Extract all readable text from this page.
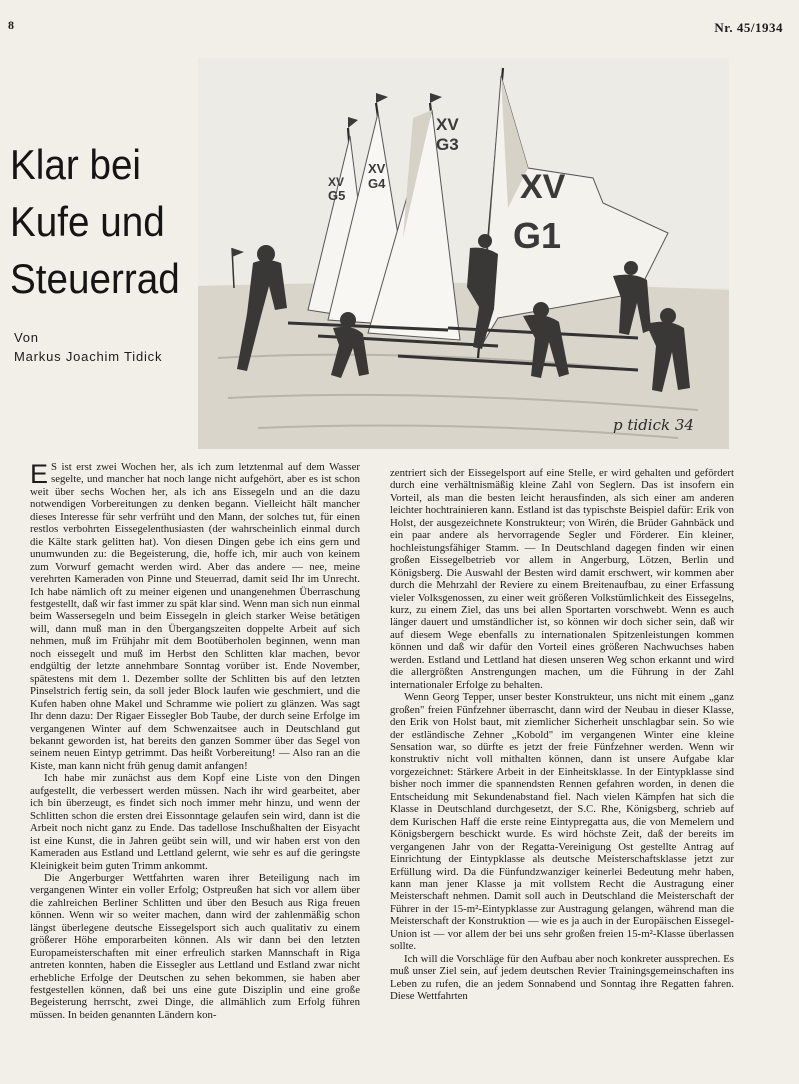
8	Nr. 45/1934
Klar bei
Kufe und
Steuerrad
Von
Markus Joachim Tidick
XV
G5
XV
G4
XV
G3
XV
G1
p tidick 34

E S ist erst zwei Wochen her, als ich zum letztenmal auf dem Wasser segelte, und mancher hat noch lange nicht aufgehört, aber es ist schon weit über sechs Wochen her, als ich ans Eissegeln und an die dazu notwendigen Vorbereitungen zu denken begann. Vielleicht hält mancher dieses Interesse für sehr verfrüht und den Mann, der solches tut, für einen restlos verbohrten Eissegelenthusiasten (der wahrscheinlich einmal durch die Kälte stark gelitten hat). Von diesen Dingen gebe ich eins gern und unumwunden zu: die Begeisterung, die, hoffe ich, mir auch von keinem zum Vorwurf gemacht werden wird. Aber das andere — nee, meine verehrten Kameraden von Pinne und Steuerrad, damit seid Ihr im Unrecht. Ich habe nämlich oft zu meiner eigenen und unangenehmen Überraschung festgestellt, daß wir fast immer zu spät klar sind. Wenn man sich nun einmal beim Wassersegeln und beim Eissegeln in gleich starker Weise betätigen will, dann muß man in den Übergangszeiten doppelte Arbeit auf sich nehmen, muß im Frühjahr mit dem Bootüberholen beginnen, wenn man noch eissegelt und muß im Herbst den Schlitten klar machen, bevor endgültig der letzte annehmbare Sonntag vorüber ist. Ende November, spätestens mit dem 1. Dezember sollte der Schlitten bis auf den letzten Pinselstrich fertig sein, da soll jeder Block laufen wie geschmiert, und die Kufen haben ohne Makel und Schramme wie poliert zu glänzen. Was sagt Ihr denn dazu: Der Rigaer Eissegler Bob Taube, der durch seine Erfolge im vergangenen Winter auf dem Schwenzaitsee auch in Deutschland gut bekannt geworden ist, hat bereits den ganzen Sommer über das Segel von seinem neuen Eintyp getrimmt. Das heißt Vorbereitung! — Also ran an die Kiste, man kann nicht früh genug damit anfangen!

Ich habe mir zunächst aus dem Kopf eine Liste von den Dingen aufgestellt, die verbessert werden müssen. Nach ihr wird gearbeitet, aber ich bin überzeugt, es findet sich noch immer mehr hinzu, und wenn der Schlitten schon die ersten drei Eissonntage gelaufen sein wird, dann ist die Arbeit noch nicht ganz zu Ende. Das tadellose Inschußhalten der Eisyacht ist eine Kunst, die in Jahren geübt sein will, und wir haben erst von den Kameraden aus Estland und Lettland gelernt, wie sehr es auf die geringste Kleinigkeit beim guten Trimm ankommt.

Die Angerburger Wettfahrten waren ihrer Beteiligung nach im vergangenen Winter ein voller Erfolg; Ostpreußen hat sich vor allem über die zahlreichen Berliner Schlitten und über den Besuch aus Riga freuen können. Wenn wir so weiter machen, dann wird der zahlenmäßig schon längst überlegene deutsche Eissegelsport sich auch qualitativ zu einem größerer Höhe emporarbeiten können. Als wir dann bei den letzten Europameisterschaften mit einer erfreulich starken Mannschaft in Riga antreten konnten, haben die Eissegler aus Lettland und Estland zwar nicht erhebliche Erfolge der Deutschen zu sehen bekommen, sie haben aber festgestellen können, daß bei uns eine gute Disziplin und eine große Begeisterung herrscht, zwei Dinge, die allmählich zum Erfolg führen müssen. In beiden genannten Ländern kon-

zentriert sich der Eissegelsport auf eine Stelle, er wird gehalten und gefördert durch eine verhältnismäßig kleine Zahl von Seglern. Das ist insofern ein Vorteil, als man die besten leicht herausfinden, als sich einer am anderen leichter hochtrainieren kann. Estland ist das typischste Beispiel dafür: Erik von Holst, der ausgezeichnete Konstrukteur; von Wirén, die Brüder Gahnbäck und ein paar andere als hervorragende Segler und Förderer. Ein kleiner, hochleistungsfähiger Stamm. — In Deutschland dagegen finden wir einen großen Eissegelbetrieb vor allem in Angerburg, Lötzen, Berlin und Königsberg. Die Auswahl der Besten wird damit erschwert, wir kommen aber durch die Mehrzahl der Reviere zu einem Breitenaufbau, zu einer Erfassung vieler Volksgenossen, zu einer weit größeren Volkstümlichkeit des Eissegelns, kurz, zu einem Ziel, das uns bei allen Sportarten vorschwebt. Wenn es auch länger dauert und umständlicher ist, so können wir doch sicher sein, daß wir auf diesem Wege ebenfalls zu internationalen Spitzenleistungen kommen können und daß wir dafür den Vorteil eines größeren Nachwuchses haben werden. Estland und Lettland hat diesen unseren Weg schon erkannt und wird die allergrößten Anstrengungen machen, um die Führung in der Zahl internationaler Erfolge zu behalten.

Wenn Georg Tepper, unser bester Konstrukteur, uns nicht mit einem „ganz großen" freien Fünfzehner überrascht, dann wird der Neubau in dieser Klasse, den Erik von Holst baut, mit ziemlicher Sicherheit unschlagbar sein. So wie der estländische Zehner „Kobold" im vergangenen Winter eine kleine Sensation war, so dürfte es jetzt der freie Fünfzehner werden. Wenn wir konstruktiv nicht voll mithalten können, dann ist unsere Aufgabe klar vorgezeichnet: Stärkere Arbeit in der Einheitsklasse. In der Eintypklasse sind bisher noch immer die spannendsten Rennen gefahren worden, in denen die Entscheidung mit Sekundenabstand fiel. Nach vielen Kämpfen hat sich die Klasse in Deutschland durchgesetzt, der S.C. Rhe, Königsberg, schrieb auf dem Kurischen Haff die erste reine Eintypregatta aus, die von Memelern und Königsbergern beschickt wurde. Es wird höchste Zeit, daß der bereits im vergangenen Jahr von der Regatta-Vereinigung Ost gestellte Antrag auf Einrichtung der Eintypklasse als deutsche Meisterschaftsklasse jetzt zur Erfüllung wird. Da die Fünfundzwanziger keinerlei Bedeutung mehr haben, kann man jener Klasse ja mit vollstem Recht die Austragung einer Meisterschaft nehmen. Damit soll auch in Deutschland die Meisterschaft der Führer in der 15-m²-Eintypklasse zur Austragung gelangen, während man die Meisterschaft der Konstruktion — wie es ja auch in der Europäischen Eissegel-Union ist — vor allem der bei uns sehr großen freien 15-m²-Klasse überlassen sollte.

Ich will die Vorschläge für den Aufbau aber noch konkreter aussprechen. Es muß unser Ziel sein, auf jedem deutschen Revier Trainingsgemeinschaften ins Leben zu rufen, die an jedem Sonnabend und Sonntag ihre Regatten fahren. Diese Wettfahrten
